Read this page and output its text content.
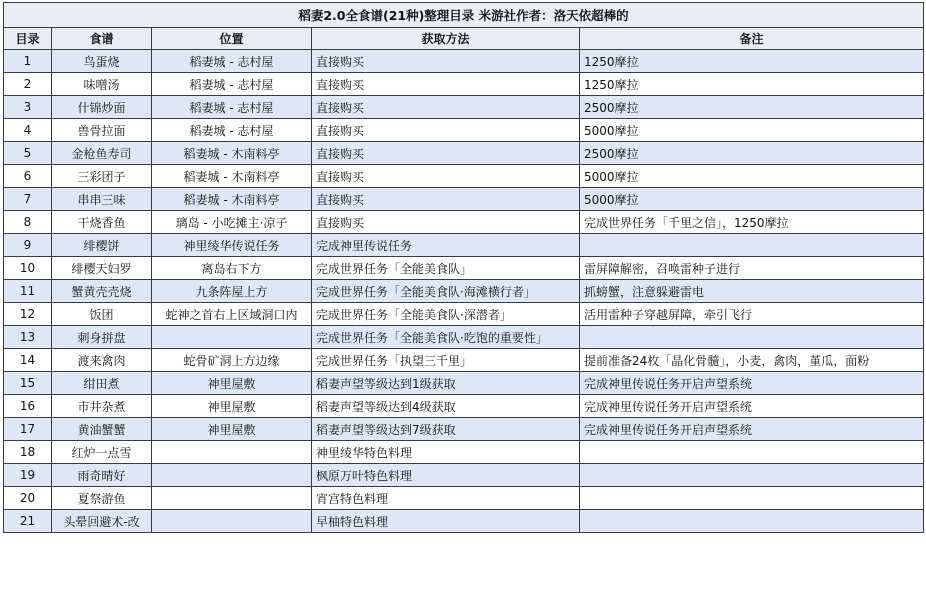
稻妻2.0全食谱(21种)整理目录 米游社作者：洛天依超棒的				
目录	食谱	位置	获取方法	备注
1	鸟蛋烧	稻妻城 - 志村屋	直接购买	1250摩拉
2	味噌汤	稻妻城 - 志村屋	直接购买	1250摩拉
3	什锦炒面	稻妻城 - 志村屋	直接购买	2500摩拉
4	兽骨拉面	稻妻城 - 志村屋	直接购买	5000摩拉
5	金枪鱼寿司	稻妻城 - 木南料亭	直接购买	2500摩拉
6	三彩团子	稻妻城 - 木南料亭	直接购买	5000摩拉
7	串串三味	稻妻城 - 木南料亭	直接购买	5000摩拉
8	干烧香鱼	璃岛 - 小吃摊主·凉子	直接购买	完成世界任务「千里之信」，1250摩拉
9	绯樱饼	神里绫华传说任务	完成神里传说任务	
10	绯樱天妇罗	离岛右下方	完成世界任务「全能美食队」	雷屏障解密，召唤雷种子进行
11	蟹黄壳壳烧	九条阵屋上方	完成世界任务「全能美食队·海滩横行者」	抓螃蟹，注意躲避雷电
12	饭团	蛇神之首右上区域洞口内	完成世界任务「全能美食队·深潜者」	活用雷种子穿越屏障，牵引飞行
13	刺身拼盘		完成世界任务「全能美食队·吃饱的重要性」	
14	渡来禽肉	蛇骨矿洞上方边缘	完成世界任务「执望三千里」	提前准备24枚「晶化骨髓」，小麦，禽肉，堇瓜，面粉
15	绀田煮	神里屋敷	稻妻声望等级达到1级获取	完成神里传说任务开启声望系统
16	市井杂煮	神里屋敷	稻妻声望等级达到4级获取	完成神里传说任务开启声望系统
17	黄油蟹蟹	神里屋敷	稻妻声望等级达到7级获取	完成神里传说任务开启声望系统
18	红炉一点雪		神里绫华特色料理	
19	雨奇晴好		枫原万叶特色料理	
20	夏祭游鱼		宵宫特色料理	
21	头晕回避术-改		早柚特色料理	
